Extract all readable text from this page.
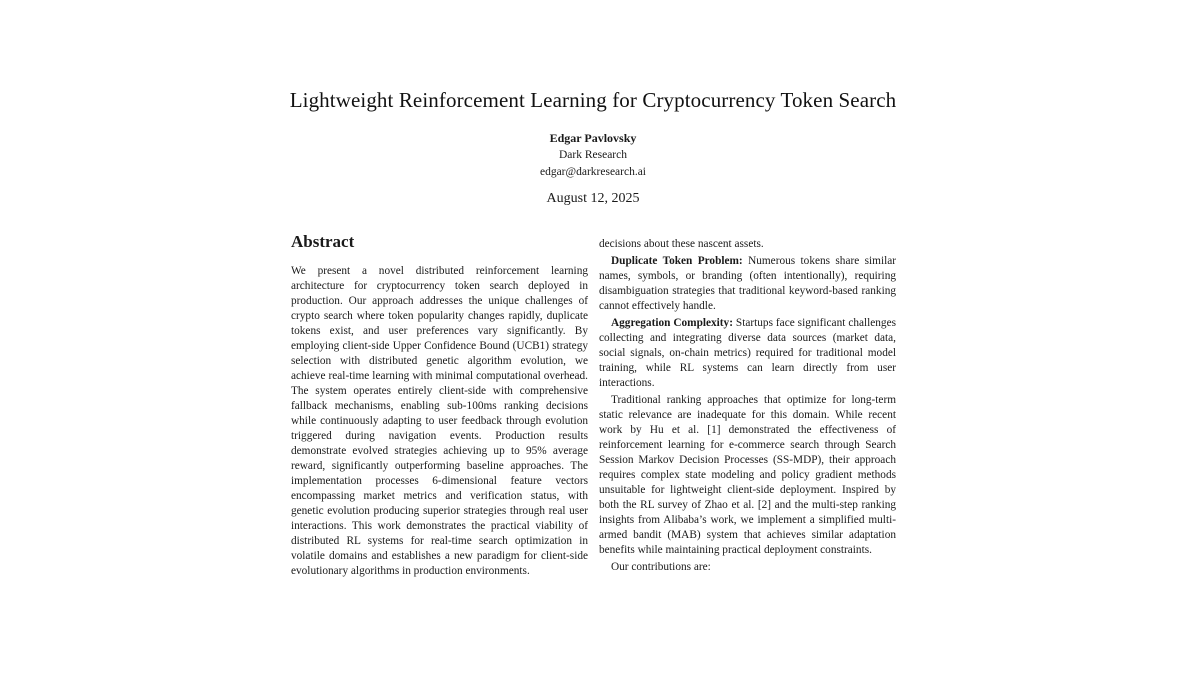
Lightweight Reinforcement Learning for Cryptocurrency Token Search
Edgar Pavlovsky
Dark Research
edgar@darkresearch.ai
August 12, 2025
Abstract

We present a novel distributed reinforcement learning architecture for cryptocurrency token search deployed in production. Our approach addresses the unique challenges of crypto search where token popularity changes rapidly, duplicate tokens exist, and user preferences vary significantly. By employing client-side Upper Confidence Bound (UCB1) strategy selection with distributed genetic algorithm evolution, we achieve real-time learning with minimal computational overhead. The system operates entirely client-side with comprehensive fallback mechanisms, enabling sub-100ms ranking decisions while continuously adapting to user feedback through evolution triggered during navigation events. Production results demonstrate evolved strategies achieving up to 95% average reward, significantly outperforming baseline approaches. The implementation processes 6-dimensional feature vectors encompassing market metrics and verification status, with genetic evolution producing superior strategies through real user interactions. This work demonstrates the practical viability of distributed RL systems for real-time search optimization in volatile domains and establishes a new paradigm for client-side evolutionary algorithms in production environments.

decisions about these nascent assets.

Duplicate Token Problem: Numerous tokens share similar names, symbols, or branding (often intentionally), requiring disambiguation strategies that traditional keyword-based ranking cannot effectively handle.

Aggregation Complexity: Startups face significant challenges collecting and integrating diverse data sources (market data, social signals, on-chain metrics) required for traditional model training, while RL systems can learn directly from user interactions.

Traditional ranking approaches that optimize for long-term static relevance are inadequate for this domain. While recent work by Hu et al. [1] demonstrated the effectiveness of reinforcement learning for e-commerce search through Search Session Markov Decision Processes (SS-MDP), their approach requires complex state modeling and policy gradient methods unsuitable for lightweight client-side deployment. Inspired by both the RL survey of Zhao et al. [2] and the multi-step ranking insights from Alibaba’s work, we implement a simplified multi-armed bandit (MAB) system that achieves similar adaptation benefits while maintaining practical deployment constraints.

Our contributions are:
